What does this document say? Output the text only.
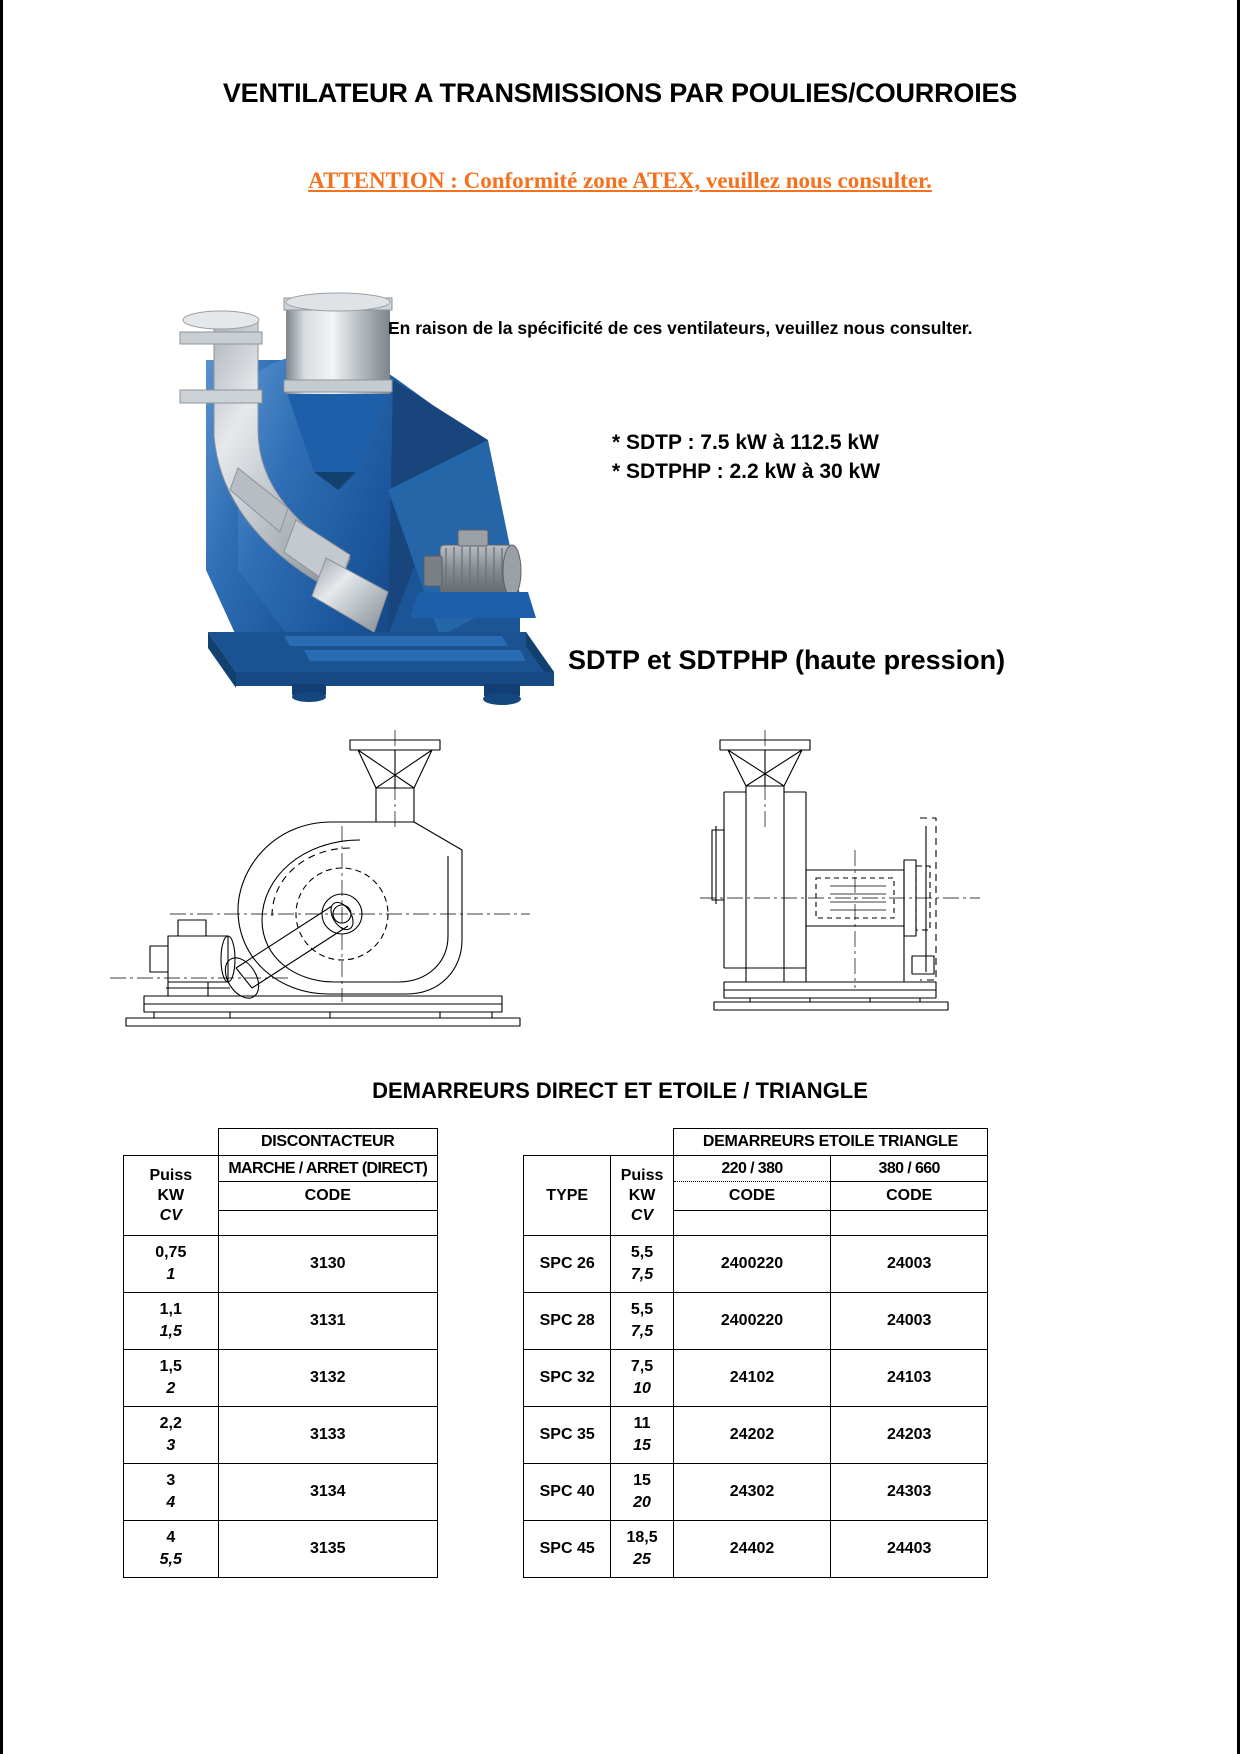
VENTILATEUR A TRANSMISSIONS PAR POULIES/COURROIES
ATTENTION : Conformité zone ATEX, veuillez nous consulter.
En raison de la spécificité de ces ventilateurs, veuillez nous consulter.
* SDTP : 7.5 kW à 112.5 kW
* SDTPHP : 2.2 kW à 30 kW
SDTP et SDTPHP (haute pression)
DEMARREURS DIRECT ET ETOILE / TRIANGLE
	DISCONTACTEUR

Puiss
KW
CV	MARCHE / ARRET (DIRECT)
	CODE

0,75
1	3130

1,1
1,5	3131

1,5
2	3132

2,2
3	3133

3
4	3134

4
5,5	3135
		DEMARREURS ETOILE TRIANGLE	
TYPE	Puiss
KW
CV	220 / 380	380 / 660
		CODE	CODE

SPC 26	5,5
7,5	2400220	24003
SPC 28	5,5
7,5	2400220	24003
SPC 32	7,5
10	24102	24103
SPC 35	11
15	24202	24203
SPC 40	15
20	24302	24303
SPC 45	18,5
25	24402	24403
